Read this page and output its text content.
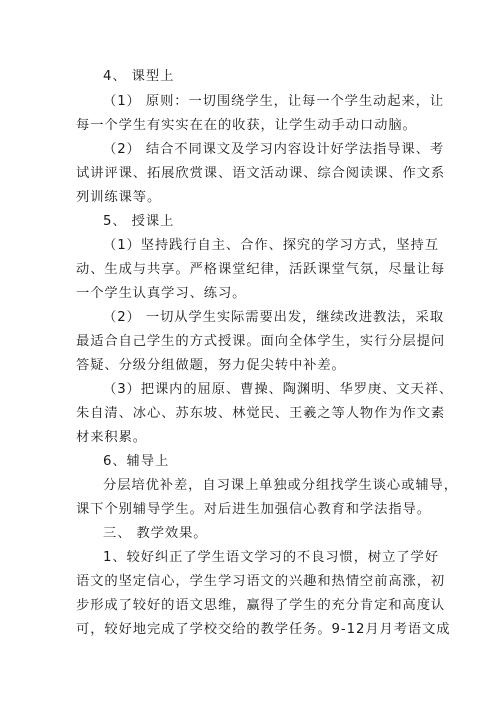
4、 课型上
（1） 原则：一切围绕学生，让每一个学生动起来，让
每一个学生有实实在在的收获，让学生动手动口动脑。
（2） 结合不同课文及学习内容设计好学法指导课、考
试讲评课、拓展欣赏课、语文活动课、综合阅读课、作文系
列训练课等。
5、 授课上
（1）坚持践行自主、合作、探究的学习方式，坚持互
动、生成与共享。严格课堂纪律，活跃课堂气氛，尽量让每
一个学生认真学习、练习。
（2） 一切从学生实际需要出发，继续改进教法，采取
最适合自己学生的方式授课。面向全体学生，实行分层提问
答疑、分级分组做题，努力促尖转中补差。
（3）把课内的屈原、曹操、陶渊明、华罗庚、文天祥、
朱自清、冰心、苏东坡、林觉民、王羲之等人物作为作文素
材来积累。
6、辅导上
分层培优补差，自习课上单独或分组找学生谈心或辅导，
课下个别辅导学生。对后进生加强信心教育和学法指导。
三、 教学效果。
1、较好纠正了学生语文学习的不良习惯，树立了学好
语文的坚定信心，学生学习语文的兴趣和热情空前高涨，初
步形成了较好的语文思维，赢得了学生的充分肯定和高度认
可，较好地完成了学校交给的教学任务。9-12月月考语文成
